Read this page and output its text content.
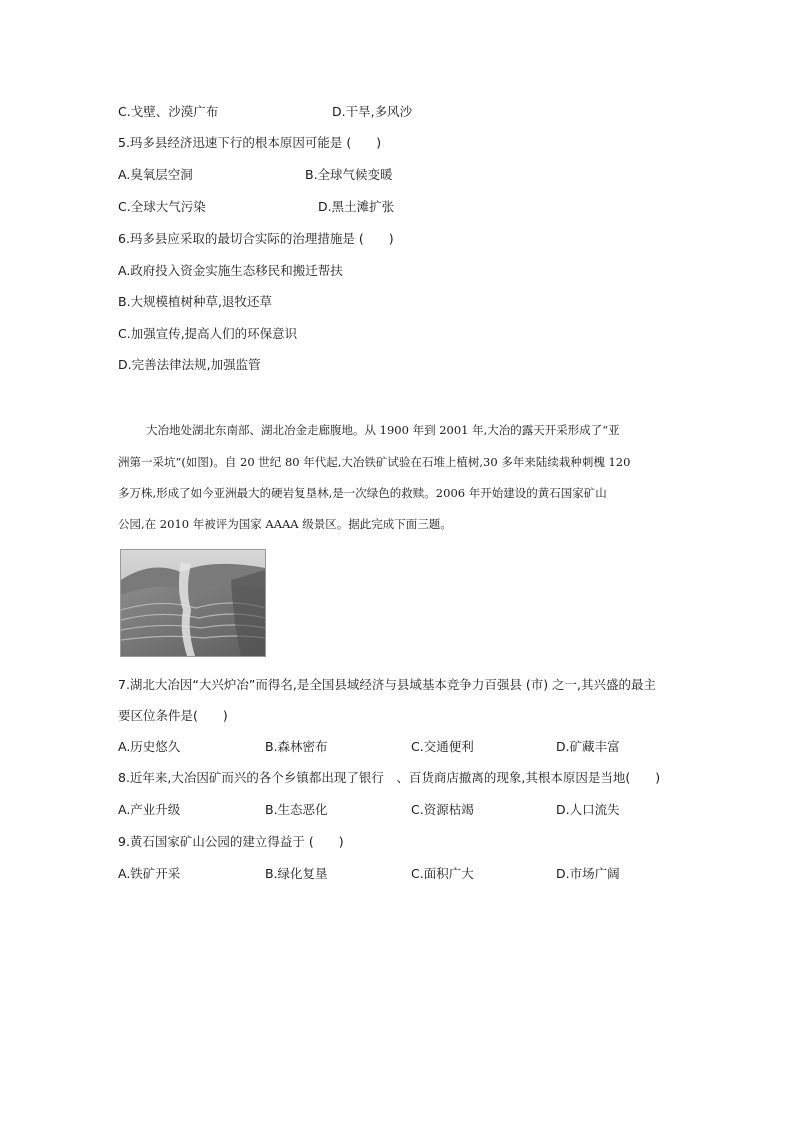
C.戈壁、沙漠广布	D.干旱,多风沙
5.玛多县经济迅速下行的根本原因可能是 (　　)
A.臭氧层空洞	B.全球气候变暖
C.全球大气污染	D.黑土滩扩张
6.玛多县应采取的最切合实际的治理措施是 (　　)
A.政府投入资金实施生态移民和搬迁帮扶
B.大规模植树种草,退牧还草
C.加强宣传,提高人们的环保意识
D.完善法律法规,加强监管
大冶地处湖北东南部、湖北冶金走廊腹地。从 1900 年到 2001 年,大冶的露天开采形成了“亚
洲第一采坑”(如图)。自 20 世纪 80 年代起,大冶铁矿试验在石堆上植树,30 多年来陆续栽种刺槐 120
多万株,形成了如今亚洲最大的硬岩复垦林,是一次绿色的救赎。2006 年开始建设的黄石国家矿山
公园,在 2010 年被评为国家 AAAA 级景区。据此完成下面三题。
7.湖北大冶因“大兴炉冶”而得名,是全国县域经济与县域基本竞争力百强县 (市) 之一,其兴盛的最主
要区位条件是(　　)
A.历史悠久	B.森林密布	C.交通便利	D.矿藏丰富
8.近年来,大冶因矿而兴的各个乡镇都出现了银行　、百货商店撤离的现象,其根本原因是当地(　　)
A.产业升级	B.生态恶化	C.资源枯竭	D.人口流失
9.黄石国家矿山公园的建立得益于 (　　)
A.铁矿开采	B.绿化复垦	C.面积广大	D.市场广阔
